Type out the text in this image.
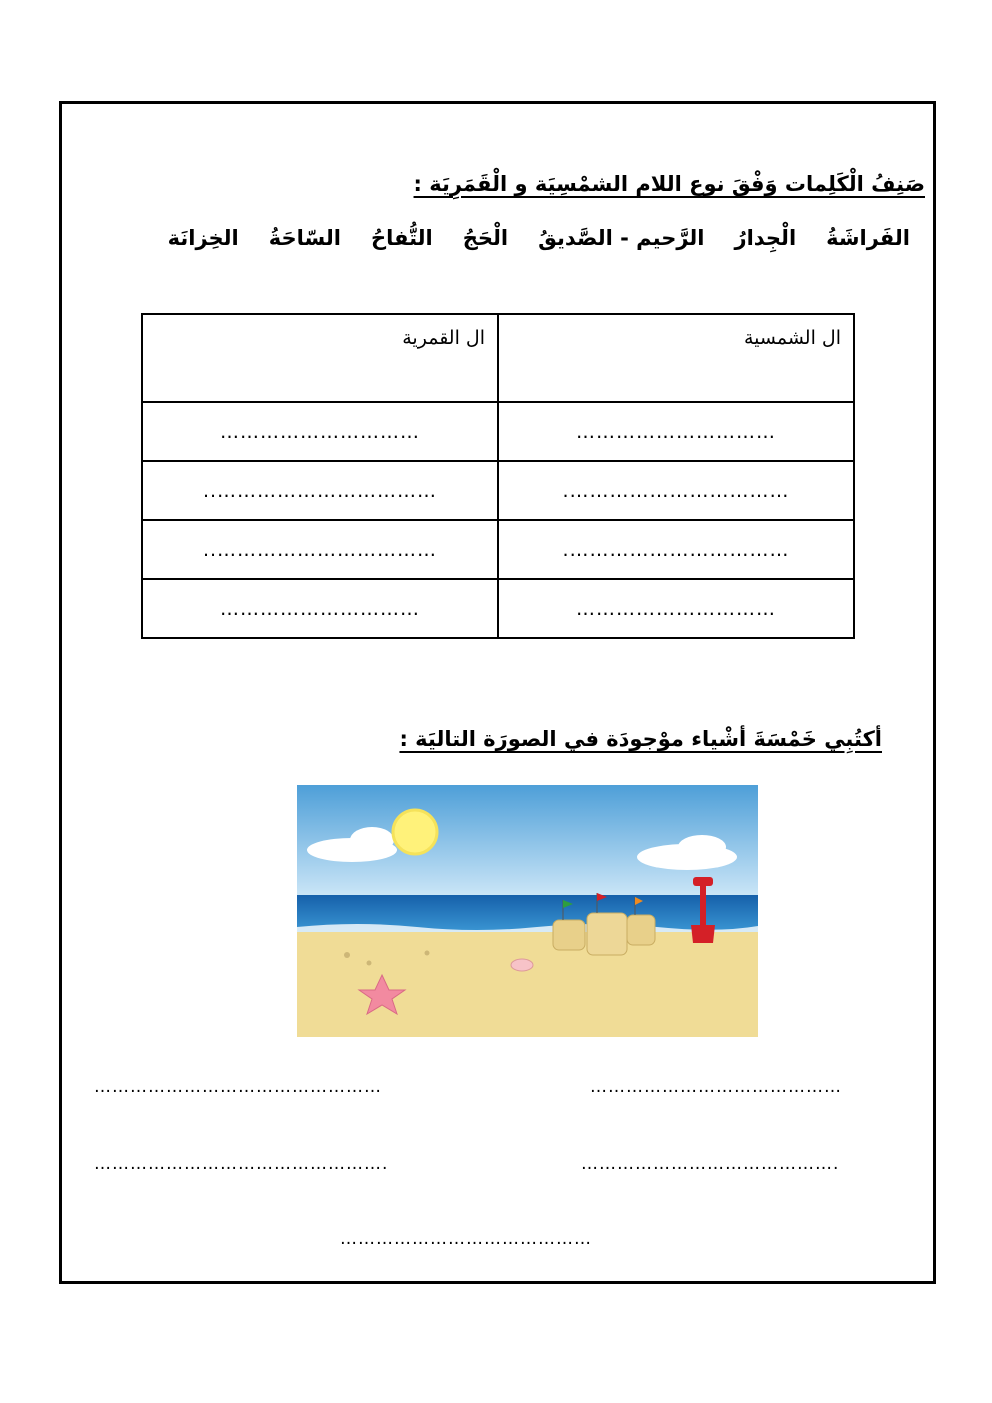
صَنِفُ الْكَلِمات وَفْقَ نوع اللام الشمْسِيَة و الْقَمَرِيَة :
الفَراشَةُ
الْجِدارُ
الرَّحيم - الصَّديقُ
الْحَجُ
التُّفاحُ
السّاحَةُ
الخِزانَة
ال الشمسية	ال القمرية
…………………………	…………………………
…………………………….	……………………………..
…………………………….	……………………………..
…………………………	…………………………
أكتُبِي خَمْسَةَ أشْياء موْجودَة في الصورَة التاليَة :
……………………………………
…………………………………………
…………………………………….
………………………………………….
……………………………………
